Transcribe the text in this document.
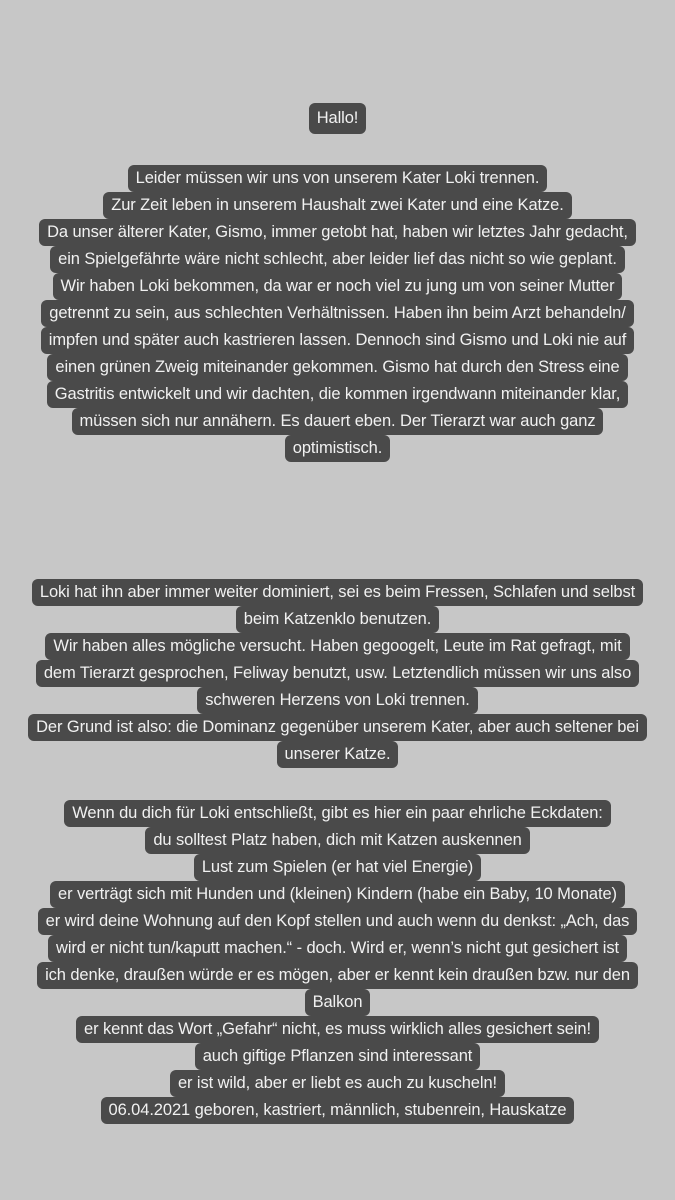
Hallo!
Leider müssen wir uns von unserem Kater Loki trennen.
Zur Zeit leben in unserem Haushalt zwei Kater und eine Katze.
Da unser älterer Kater, Gismo, immer getobt hat, haben wir letztes Jahr gedacht,
ein Spielgefährte wäre nicht schlecht, aber leider lief das nicht so wie geplant.
Wir haben Loki bekommen, da war er noch viel zu jung um von seiner Mutter
getrennt zu sein, aus schlechten Verhältnissen. Haben ihn beim Arzt behandeln/
impfen und später auch kastrieren lassen. Dennoch sind Gismo und Loki nie auf
einen grünen Zweig miteinander gekommen. Gismo hat durch den Stress eine
Gastritis entwickelt und wir dachten, die kommen irgendwann miteinander klar,
müssen sich nur annähern. Es dauert eben. Der Tierarzt war auch ganz
optimistisch.
Loki hat ihn aber immer weiter dominiert, sei es beim Fressen, Schlafen und selbst
beim Katzenklo benutzen.
Wir haben alles mögliche versucht. Haben gegoogelt, Leute im Rat gefragt, mit
dem Tierarzt gesprochen, Feliway benutzt, usw. Letztendlich müssen wir uns also
schweren Herzens von Loki trennen.
Der Grund ist also: die Dominanz gegenüber unserem Kater, aber auch seltener bei
unserer Katze.
Wenn du dich für Loki entschließt, gibt es hier ein paar ehrliche Eckdaten:
du solltest Platz haben, dich mit Katzen auskennen
Lust zum Spielen (er hat viel Energie)
er verträgt sich mit Hunden und (kleinen) Kindern (habe ein Baby, 10 Monate)
er wird deine Wohnung auf den Kopf stellen und auch wenn du denkst: „Ach, das
wird er nicht tun/kaputt machen.“ - doch. Wird er, wenn’s nicht gut gesichert ist
ich denke, draußen würde er es mögen, aber er kennt kein draußen bzw. nur den
Balkon
er kennt das Wort „Gefahr“ nicht, es muss wirklich alles gesichert sein!
auch giftige Pflanzen sind interessant
er ist wild, aber er liebt es auch zu kuscheln!
06.04.2021 geboren, kastriert, männlich, stubenrein, Hauskatze
